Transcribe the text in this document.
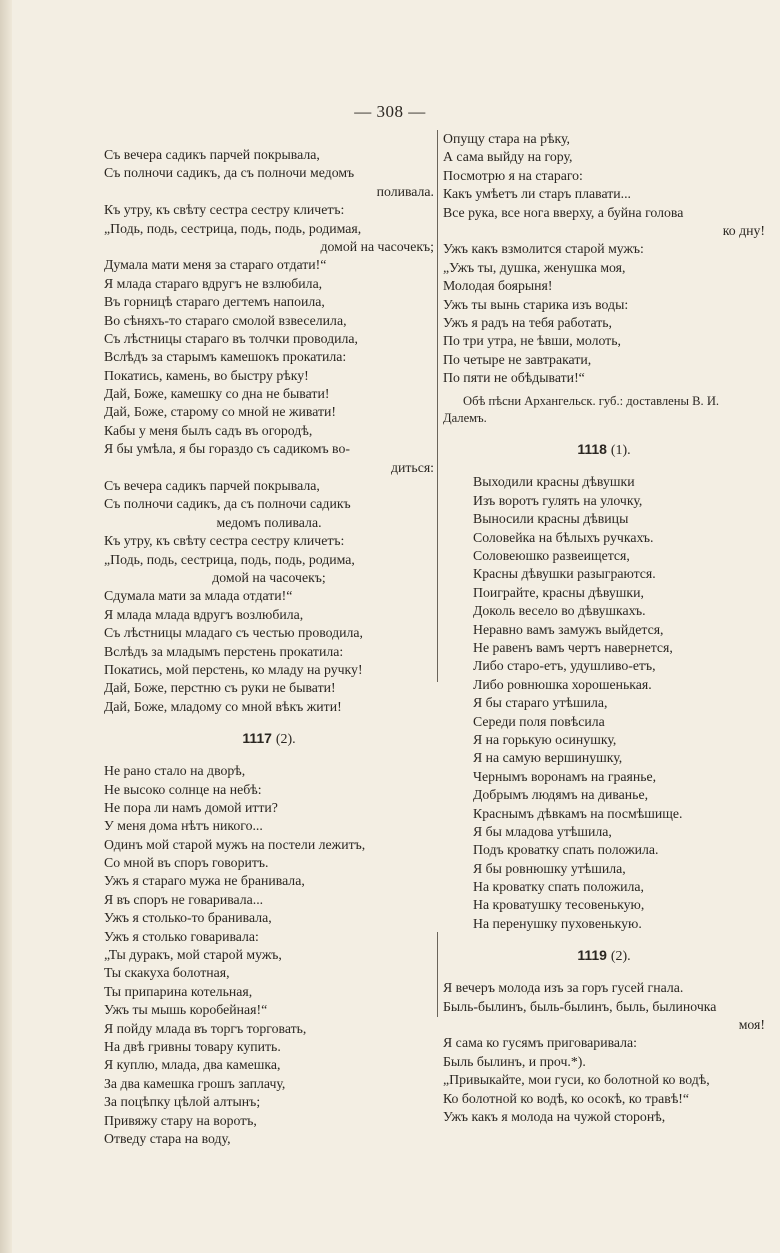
— 308 —
Съ вечера садикъ парчей покрывала,
Съ полночи садикъ, да съ полночи медомъ
поливала.
Къ утру, къ свѣту сестра сестру кличетъ:
„Подь, подь, сестрица, подь, подь, родимая,
домой на часочекъ;
Думала мати меня за стараго отдати!“
Я млада стараго вдругъ не взлюбила,
Въ горницѣ стараго дегтемъ напоила,
Во сѣняхъ-то стараго смолой взвеселила,
Съ лѣстницы стараго въ толчки проводила,
Вслѣдъ за старымъ камешокъ прокатила:
Покатись, камень, во быстру рѣку!
Дай, Боже, камешку со дна не бывати!
Дай, Боже, старому со мной не живати!
Кабы у меня былъ садъ въ огородѣ,
Я бы умѣла, я бы гораздо съ садикомъ во-
диться:
Съ вечера садикъ парчей покрывала,
Съ полночи садикъ, да съ полночи садикъ
медомъ поливала.
Къ утру, къ свѣту сестра сестру кличетъ:
„Подь, подь, сестрица, подь, подь, родима,
домой на часочекъ;
Сдумала мати за млада отдати!“
Я млада млада вдругъ возлюбила,
Съ лѣстницы младаго съ честью проводила,
Вслѣдъ за младымъ перстень прокатила:
Покатись, мой перстень, ко младу на ручку!
Дай, Боже, перстню съ руки не бывати!
Дай, Боже, младому со мной вѣкъ жити!
1117 (2).
Не рано стало на дворѣ,
Не высоко солнце на небѣ:
Не пора ли намъ домой итти?
У меня дома нѣтъ никого...
Одинъ мой старой мужъ на постели лежитъ,
Со мной въ споръ говоритъ.
Ужъ я стараго мужа не бранивала,
Я въ споръ не говаривала...
Ужъ я столько-то бранивала,
Ужъ я столько говаривала:
„Ты дуракъ, мой старой мужъ,
Ты скакуха болотная,
Ты припарина котельная,
Ужъ ты мышь коробейная!“
Я пойду млада въ торгъ торговать,
На двѣ гривны товару купить.
Я куплю, млада, два камешка,
За два камешка грошъ заплачу,
За поцѣпку цѣлой алтынъ;
Привяжу стару на воротъ,
Отведу стара на воду,
Опущу стара на рѣку,
А сама выйду на гору,
Посмотрю я на стараго:
Какъ умѣетъ ли старъ плавати...
Все рука, все нога вверху, а буйна голова
ко дну!
Ужъ какъ взмолится старой мужъ:
„Ужъ ты, душка, женушка моя,
Молодая боярыня!
Ужъ ты вынь старика изъ воды:
Ужъ я радъ на тебя работать,
По три утра, не ѣвши, молоть,
По четыре не завтракати,
По пяти не обѣдывати!“
Обѣ пѣсни Архангельск. губ.: доставлены В. И. Далемъ.
1118 (1).
Выходили красны дѣвушки
Изъ воротъ гулять на улочку,
Выносили красны дѣвицы
Соловейка на бѣлыхъ ручкахъ.
Соловеюшко развеищется,
Красны дѣвушки разыграются.
Поиграйте, красны дѣвушки,
Доколь весело во дѣвушкахъ.
Неравно вамъ замужъ выйдется,
Не равенъ вамъ чертъ навернется,
Либо старо-етъ, удушливо-етъ,
Либо ровнюшка хорошенькая.
Я бы стараго утѣшила,
Середи поля повѣсила
Я на горькую осинушку,
Я на самую вершинушку,
Чернымъ воронамъ на граянье,
Добрымъ людямъ на диванье,
Краснымъ дѣвкамъ на посмѣшище.
Я бы младова утѣшила,
Подъ кроватку спать положила.
Я бы ровнюшку утѣшила,
На кроватку спать положила,
На кроватушку тесовенькую,
На перенушку пуховенькую.
1119 (2).
Я вечеръ молода изъ за горъ гусей гнала.
Быль-былинъ, быль-былинъ, быль, былиночка
моя!
Я сама ко гусямъ приговаривала:
Быль былинъ, и проч.*).
„Привыкайте, мои гуси, ко болотной ко водѣ,
Ко болотной ко водѣ, ко осокѣ, ко травѣ!“
Ужъ какъ я молода на чужой сторонѣ,
